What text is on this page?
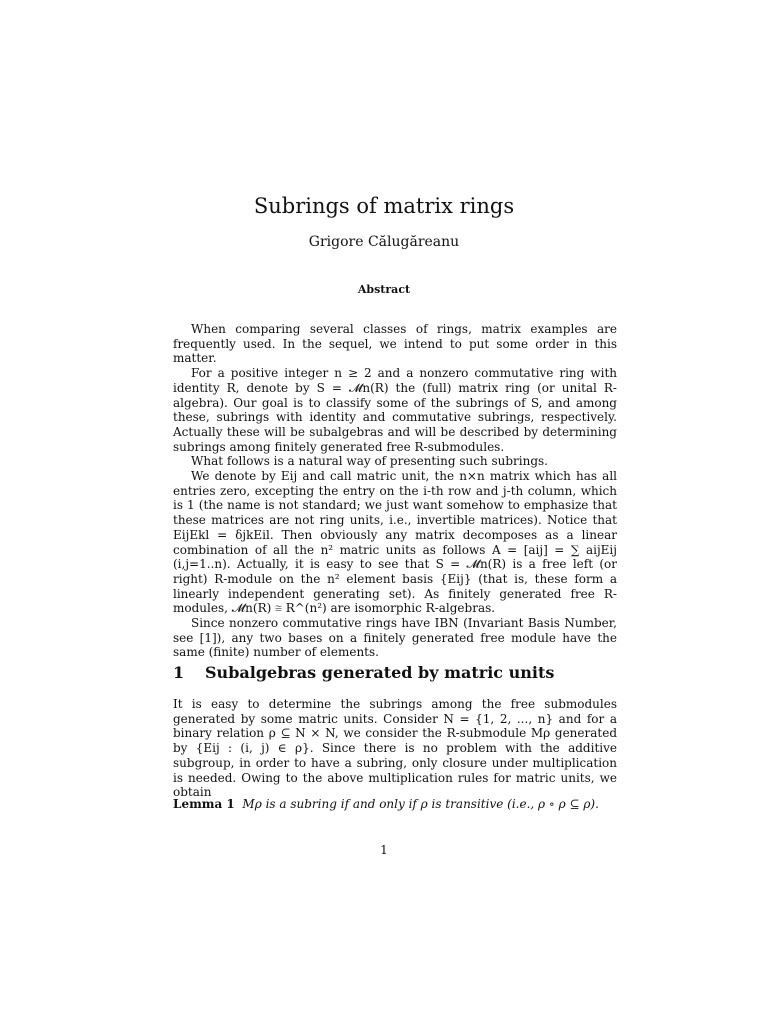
Subrings of matrix rings
Grigore Călugăreanu
Abstract

When comparing several classes of rings, matrix examples are frequently used. In the sequel, we intend to put some order in this matter.

For a positive integer n ≥ 2 and a nonzero commutative ring with identity R, denote by S = 𝓜n(R) the (full) matrix ring (or unital R-algebra). Our goal is to classify some of the subrings of S, and among these, subrings with identity and commutative subrings, respectively. Actually these will be subalgebras and will be described by determining subrings among finitely generated free R-submodules.

What follows is a natural way of presenting such subrings.

We denote by Eij and call matric unit, the n×n matrix which has all entries zero, excepting the entry on the i-th row and j-th column, which is 1 (the name is not standard; we just want somehow to emphasize that these matrices are not ring units, i.e., invertible matrices). Notice that EijEkl = δjkEil. Then obviously any matrix decomposes as a linear combination of all the n² matric units as follows A = [aij] = ∑ aijEij (i,j=1..n). Actually, it is easy to see that S = 𝓜n(R) is a free left (or right) R-module on the n² element basis {Eij} (that is, these form a linearly independent generating set). As finitely generated free R-modules, 𝓜n(R) ≅ R^(n²) are isomorphic R-algebras.

Since nonzero commutative rings have IBN (Invariant Basis Number, see [1]), any two bases on a finitely generated free module have the same (finite) number of elements.

1 Subalgebras generated by matric units

It is easy to determine the subrings among the free submodules generated by some matric units. Consider N = {1, 2, ..., n} and for a binary relation ρ ⊆ N × N, we consider the R-submodule Mρ generated by {Eij : (i, j) ∈ ρ}. Since there is no problem with the additive subgroup, in order to have a subring, only closure under multiplication is needed. Owing to the above multiplication rules for matric units, we obtain

Lemma 1 Mρ is a subring if and only if ρ is transitive (i.e., ρ ∘ ρ ⊆ ρ).
1
